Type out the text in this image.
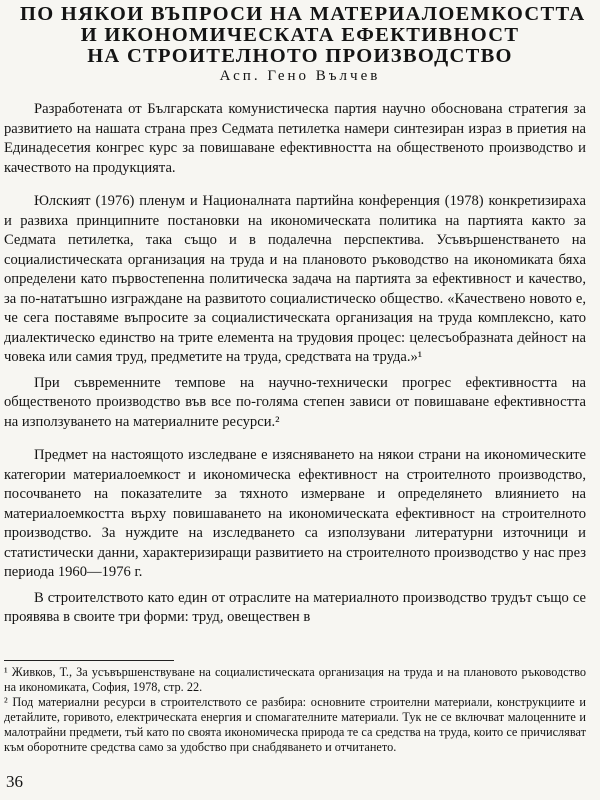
ПО НЯКОИ ВЪПРОСИ НА МАТЕРИАЛОЕМКОСТТА
И ИКОНОМИЧЕСКАТА ЕФЕКТИВНОСТ
НА СТРОИТЕЛНОТО ПРОИЗВОДСТВО

Асп. Гено Вълчев

Разработената от Българската комунистическа партия научно обоснована стратегия за развитието на нашата страна през Седмата петилетка намери синтезиран израз в приетия на Единадесетия конгрес курс за повишаване ефективността на общественото производство и качеството на продукцията.

Юлският (1976) пленум и Националната партийна конференция (1978) конкретизираха и развиха принципните постановки на икономическата политика на партията както за Седмата петилетка, така също и в подалечна перспектива. Усъвършенстването на социалистическата организация на труда и на плановото ръководство на икономиката бяха определени като първостепенна политическа задача на партията за ефективност и качество, за по-нататъшно изграждане на развитото социалистическо общество. «Качествено новото е, че сега поставяме въпросите за социалистическата организация на труда комплексно, като диалектическо единство на трите елемента на трудовия процес: целесъобразната дейност на човека или самия труд, предметите на труда, средствата на труда.»¹

При съвременните темпове на научно-технически прогрес ефективността на общественото производство във все по-голяма степен зависи от повишаване ефективността на използуването на материалните ресурси.²

Предмет на настоящото изследване е изясняването на някои страни на икономическите категории материалоемкост и икономическа ефективност на строителното производство, посочването на показателите за тяхното измерване и определянето влиянието на материалоемкостта върху повишаването на икономическата ефективност на строителното производство. За нуждите на изследването са използувани литературни източници и статистически данни, характеризиращи развитието на строителното производство у нас през периода 1960—1976 г.

В строителството като един от отраслите на материалното производство трудът също се проявява в своите три форми: труд, овеществен в

¹ Живков, Т., За усъвършенствуване на социалистическата организация на труда и на плановото ръководство на икономиката, София, 1978, стр. 22.

² Под материални ресурси в строителството се разбира: основните строителни материали, конструкциите и детайлите, горивото, електрическата енергия и спомагателните материали. Тук не се включват малоценните и малотрайни предмети, тъй като по своята икономическа природа те са средства на труда, които се причисляват към оборотните средства само за удобство при снабдяването и отчитането.

36
